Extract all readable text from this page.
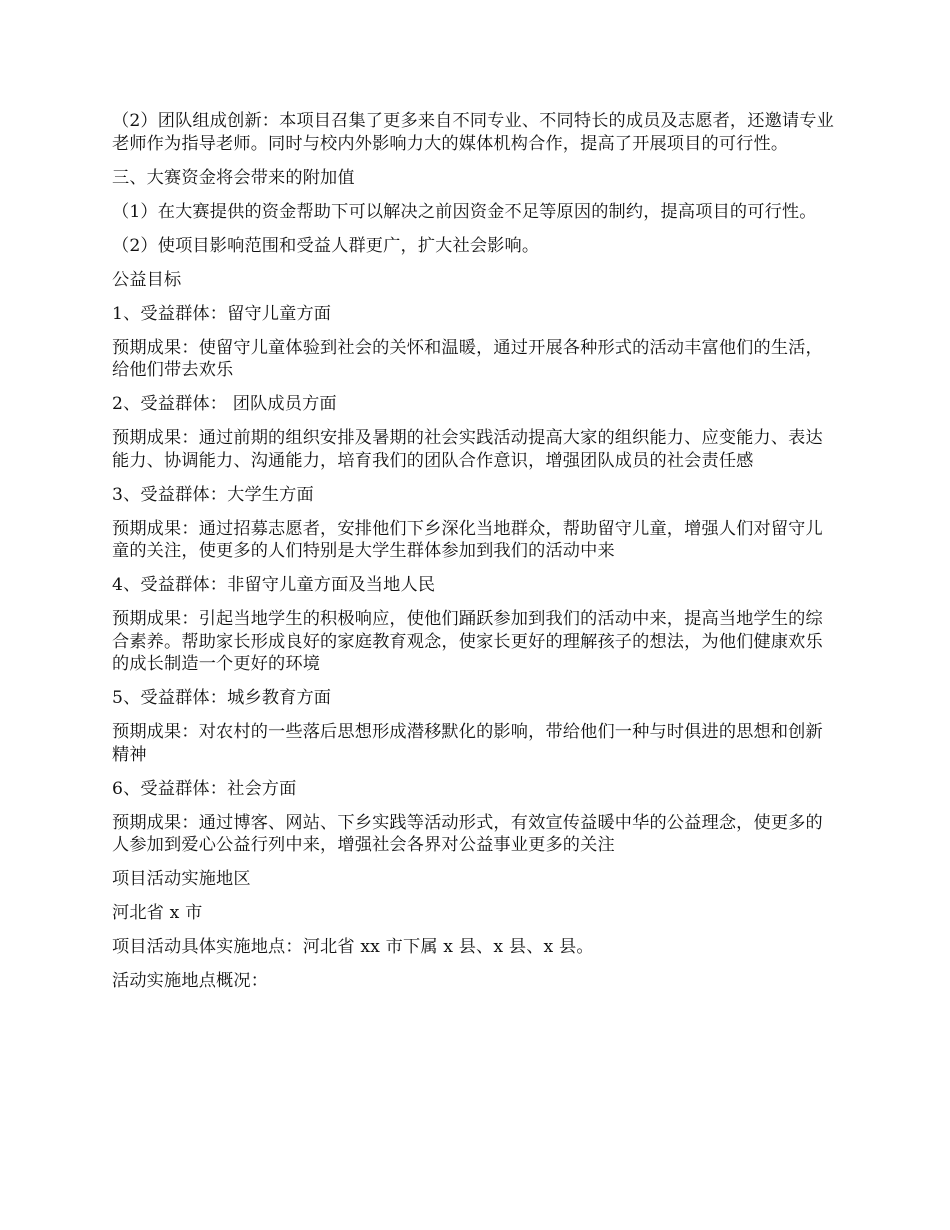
（2）团队组成创新：本项目召集了更多来自不同专业、不同特长的成员及志愿者，还邀请专业老师作为指导老师。同时与校内外影响力大的媒体机构合作，提高了开展项目的可行性。

三、大赛资金将会带来的附加值

（1）在大赛提供的资金帮助下可以解决之前因资金不足等原因的制约，提高项目的可行性。

（2）使项目影响范围和受益人群更广，扩大社会影响。

公益目标

1、受益群体：留守儿童方面

预期成果：使留守儿童体验到社会的关怀和温暖，通过开展各种形式的活动丰富他们的生活，给他们带去欢乐

2、受益群体： 团队成员方面

预期成果：通过前期的组织安排及暑期的社会实践活动提高大家的组织能力、应变能力、表达能力、协调能力、沟通能力，培育我们的团队合作意识，增强团队成员的社会责任感

3、受益群体：大学生方面

预期成果：通过招募志愿者，安排他们下乡深化当地群众，帮助留守儿童，增强人们对留守儿童的关注，使更多的人们特别是大学生群体参加到我们的活动中来

4、受益群体：非留守儿童方面及当地人民

预期成果：引起当地学生的积极响应，使他们踊跃参加到我们的活动中来，提高当地学生的综合素养。帮助家长形成良好的家庭教育观念，使家长更好的理解孩子的想法，为他们健康欢乐的成长制造一个更好的环境

5、受益群体：城乡教育方面

预期成果：对农村的一些落后思想形成潜移默化的影响，带给他们一种与时俱进的思想和创新精神

6、受益群体：社会方面

预期成果：通过博客、网站、下乡实践等活动形式，有效宣传益暖中华的公益理念，使更多的人参加到爱心公益行列中来，增强社会各界对公益事业更多的关注

项目活动实施地区

河北省 x 市

项目活动具体实施地点：河北省 xx 市下属 x 县、x 县、x 县。

活动实施地点概况：
